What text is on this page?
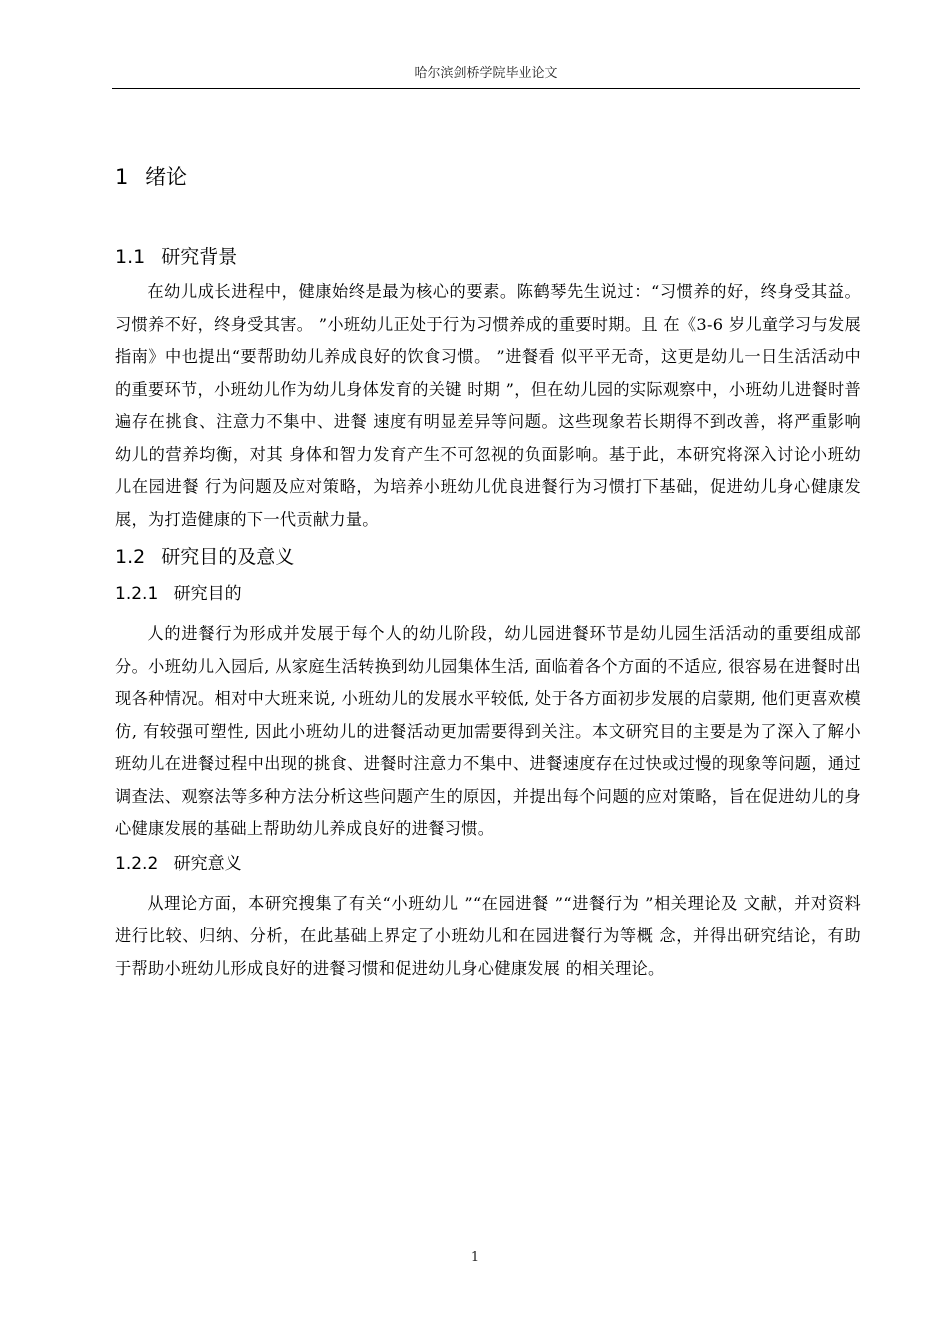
哈尔滨剑桥学院毕业论文
1 绪论
1.1 研究背景

在幼儿成长进程中，健康始终是最为核心的要素。陈鹤琴先生说过：“习惯养的好，终身受其益。习惯养不好，终身受其害。 ”小班幼儿正处于行为习惯养成的重要时期。且 在《3-6 岁儿童学习与发展指南》中也提出“要帮助幼儿养成良好的饮食习惯。 ”进餐看 似平平无奇，这更是幼儿一日生活活动中的重要环节，小班幼儿作为幼儿身体发育的关键 时期 ”，但在幼儿园的实际观察中，小班幼儿进餐时普遍存在挑食、注意力不集中、进餐 速度有明显差异等问题。这些现象若长期得不到改善，将严重影响幼儿的营养均衡，对其 身体和智力发育产生不可忽视的负面影响。基于此，本研究将深入讨论小班幼儿在园进餐 行为问题及应对策略，为培养小班幼儿优良进餐行为习惯打下基础，促进幼儿身心健康发 展，为打造健康的下一代贡献力量。

1.2 研究目的及意义
1.2.1 研究目的

人的进餐行为形成并发展于每个人的幼儿阶段，幼儿园进餐环节是幼儿园生活活动的重要组成部分。小班幼儿入园后, 从家庭生活转换到幼儿园集体生活, 面临着各个方面的不适应, 很容易在进餐时出现各种情况。相对中大班来说, 小班幼儿的发展水平较低, 处于各方面初步发展的启蒙期, 他们更喜欢模仿, 有较强可塑性, 因此小班幼儿的进餐活动更加需要得到关注。本文研究目的主要是为了深入了解小班幼儿在进餐过程中出现的挑食、进餐时注意力不集中、进餐速度存在过快或过慢的现象等问题，通过调查法、观察法等多种方法分析这些问题产生的原因，并提出每个问题的应对策略，旨在促进幼儿的身心健康发展的基础上帮助幼儿养成良好的进餐习惯。

1.2.2 研究意义

从理论方面，本研究搜集了有关“小班幼儿 ”“在园进餐 ”“进餐行为 ”相关理论及 文献，并对资料进行比较、归纳、分析，在此基础上界定了小班幼儿和在园进餐行为等概 念，并得出研究结论，有助于帮助小班幼儿形成良好的进餐习惯和促进幼儿身心健康发展 的相关理论。

1
